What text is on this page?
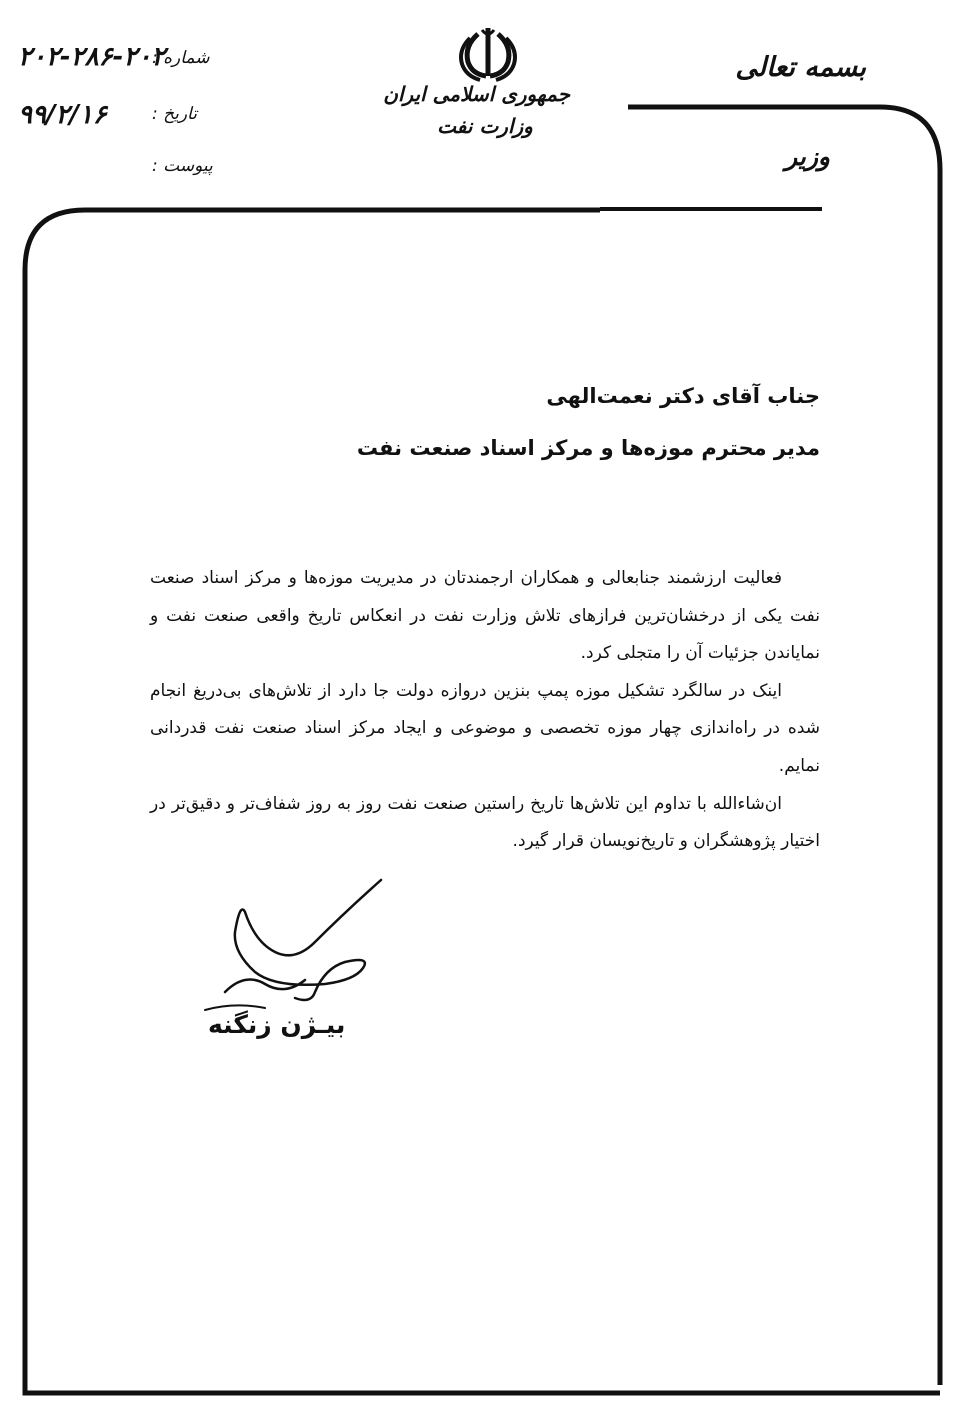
بسمه تعالی
وزیر
جمهوری اسلامی ایران
وزارت نفت
شماره :
۲۰۲-۲۸۶-۲۰۲
تاریخ :
۹۹/۲/۱۶
پیوست :
جناب آقای دکتر نعمت‌الهی
مدیر محترم موزه‌ها و مرکز اسناد صنعت نفت

فعالیت ارزشمند جنابعالی و همکاران ارجمندتان در مدیریت موزه‌ها و مرکز اسناد صنعت نفت یکی از درخشان‌ترین فرازهای تلاش وزارت نفت در انعکاس تاریخ واقعی صنعت نفت و نمایاندن جزئیات آن را متجلی کرد.

اینک در سالگرد تشکیل موزه پمپ بنزین دروازه دولت جا دارد از تلاش‌های بی‌دریغ انجام شده در راه‌اندازی چهار موزه تخصصی و موضوعی و ایجاد مرکز اسناد صنعت نفت قدردانی نمایم.

ان‌شاءالله با تداوم این تلاش‌ها تاریخ راستین صنعت نفت روز به روز شفاف‌تر و دقیق‌تر در اختیار پژوهشگران و تاریخ‌نویسان قرار گیرد.

بیـژن زنگنه
